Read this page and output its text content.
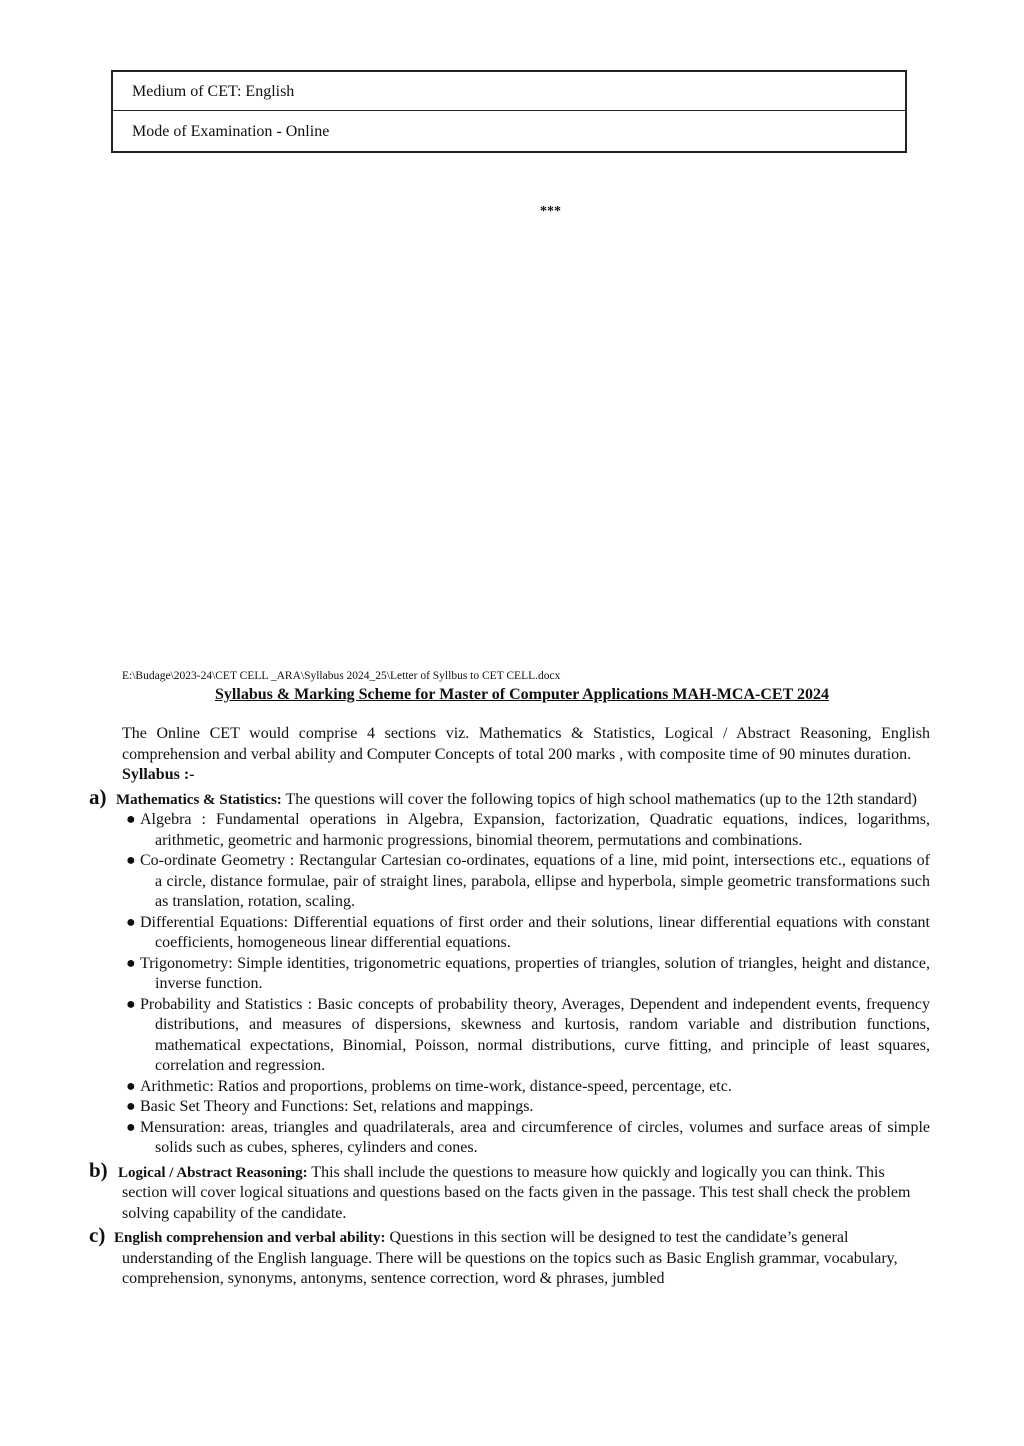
Medium of CET: English
Mode of Examination - Online
***
E:\Budage\2023-24\CET CELL _ARA\Syllabus 2024_25\Letter of Syllbus to CET CELL.docx
Syllabus & Marking Scheme for Master of Computer Applications MAH-MCA-CET 2024

The Online CET would comprise 4 sections viz. Mathematics & Statistics, Logical / Abstract Reasoning, English comprehension and verbal ability and Computer Concepts of total 200 marks , with composite time of 90 minutes duration.

Syllabus :-

a) Mathematics & Statistics: The questions will cover the following topics of high school mathematics (up to the 12th standard)

● Algebra : Fundamental operations in Algebra, Expansion, factorization, Quadratic equations, indices, logarithms, arithmetic, geometric and harmonic progressions, binomial theorem, permutations and combinations.
● Co-ordinate Geometry : Rectangular Cartesian co-ordinates, equations of a line, mid point, intersections etc., equations of a circle, distance formulae, pair of straight lines, parabola, ellipse and hyperbola, simple geometric transformations such as translation, rotation, scaling.
● Differential Equations: Differential equations of first order and their solutions, linear differential equations with constant coefficients, homogeneous linear differential equations.
● Trigonometry: Simple identities, trigonometric equations, properties of triangles, solution of triangles, height and distance, inverse function.
● Probability and Statistics : Basic concepts of probability theory, Averages, Dependent and independent events, frequency distributions, and measures of dispersions, skewness and kurtosis, random variable and distribution functions, mathematical expectations, Binomial, Poisson, normal distributions, curve fitting, and principle of least squares, correlation and regression.
● Arithmetic: Ratios and proportions, problems on time-work, distance-speed, percentage, etc.
● Basic Set Theory and Functions: Set, relations and mappings.
● Mensuration: areas, triangles and quadrilaterals, area and circumference of circles, volumes and surface areas of simple solids such as cubes, spheres, cylinders and cones.
b) Logical / Abstract Reasoning: This shall include the questions to measure how quickly and logically you can think. This section will cover logical situations and questions based on the facts given in the passage. This test shall check the problem solving capability of the candidate.

c) English comprehension and verbal ability: Questions in this section will be designed to test the candidate’s general understanding of the English language. There will be questions on the topics such as Basic English grammar, vocabulary, comprehension, synonyms, antonyms, sentence correction, word & phrases, jumbled
